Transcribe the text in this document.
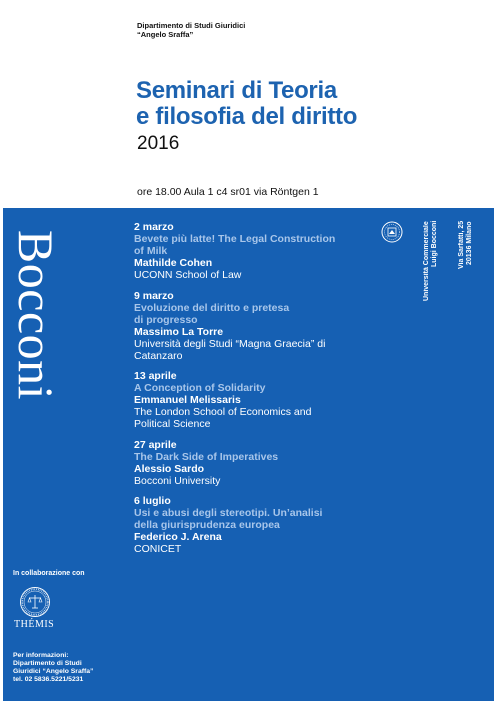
Dipartimento di Studi Giuridici
“Angelo Sraffa”
Seminari di Teoria
e filosofia del diritto
2016
ore 18.00 Aula 1 c4 sr01 via Röntgen 1
Bocconi
2 marzo
Bevete più latte! The Legal Construction
of Milk
Mathilde Cohen
UCONN School of Law
9 marzo
Evoluzione del diritto e pretesa
di progresso
Massimo La Torre
Università degli Studi “Magna Graecia” di
Catanzaro
13 aprile
A Conception of Solidarity
Emmanuel Melissaris
The London School of Economics and
Political Science
27 aprile
The Dark Side of Imperatives
Alessio Sardo
Bocconi University
6 luglio
Usi e abusi degli stereotipi. Un’analisi
della giurisprudenza europea
Federico J. Arena
CONICET
Università Commerciale Luigi Bocconi	Via Sarfatti, 25 20136 Milano
In collaborazione con
THÉMIS
Per informazioni:
Dipartimento di Studi
Giuridici “Angelo Sraffa”
tel. 02 5836.5221/5231
